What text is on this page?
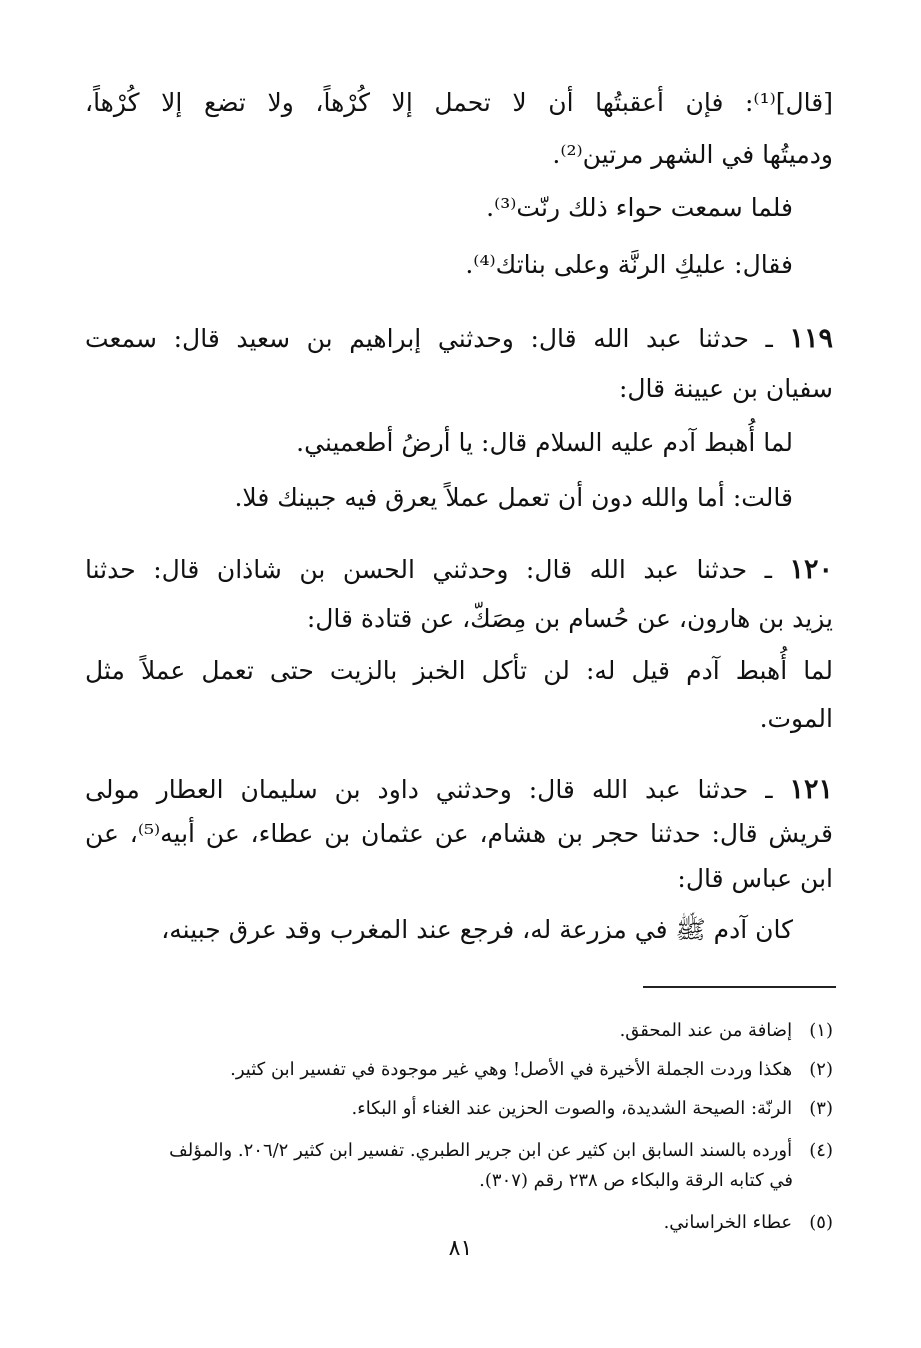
[قال]⁽¹⁾: فإن أعقبتُها أن لا تحمل إلا كُرْهاً، ولا تضع إلا كُرْهاً،

ودميتُها في الشهر مرتين⁽²⁾.

فلما سمعت حواء ذلك رنّت⁽³⁾.

فقال: عليكِ الرنَّة وعلى بناتك⁽⁴⁾.

١١٩ ـ حدثنا عبد الله قال: وحدثني إبراهيم بن سعيد قال: سمعت

سفيان بن عيينة قال:

لما أُهبط آدم عليه السلام قال: يا أرضُ أطعميني.

قالت: أما والله دون أن تعمل عملاً يعرق فيه جبينك فلا.

١٢٠ ـ حدثنا عبد الله قال: وحدثني الحسن بن شاذان قال: حدثنا

يزيد بن هارون، عن حُسام بن مِصَكّ، عن قتادة قال:

لما أُهبط آدم قيل له: لن تأكل الخبز بالزيت حتى تعمل عملاً مثل

الموت.

١٢١ ـ حدثنا عبد الله قال: وحدثني داود بن سليمان العطار مولى

قريش قال: حدثنا حجر بن هشام، عن عثمان بن عطاء، عن أبيه⁽⁵⁾، عن

ابن عباس قال:

كان آدم ﷺ في مزرعة له، فرجع عند المغرب وقد عرق جبينه،

(١)   إضافة من عند المحقق.

(٢)   هكذا وردت الجملة الأخيرة في الأصل! وهي غير موجودة في تفسير ابن كثير.

(٣)   الرنّة: الصيحة الشديدة، والصوت الحزين عند الغناء أو البكاء.

(٤)   أورده بالسند السابق ابن كثير عن ابن جرير الطبري. تفسير ابن كثير ٢٠٦/٢. والمؤلف

في كتابه الرقة والبكاء ص ٢٣٨ رقم (٣٠٧).

(٥)   عطاء الخراساني.

٨١
